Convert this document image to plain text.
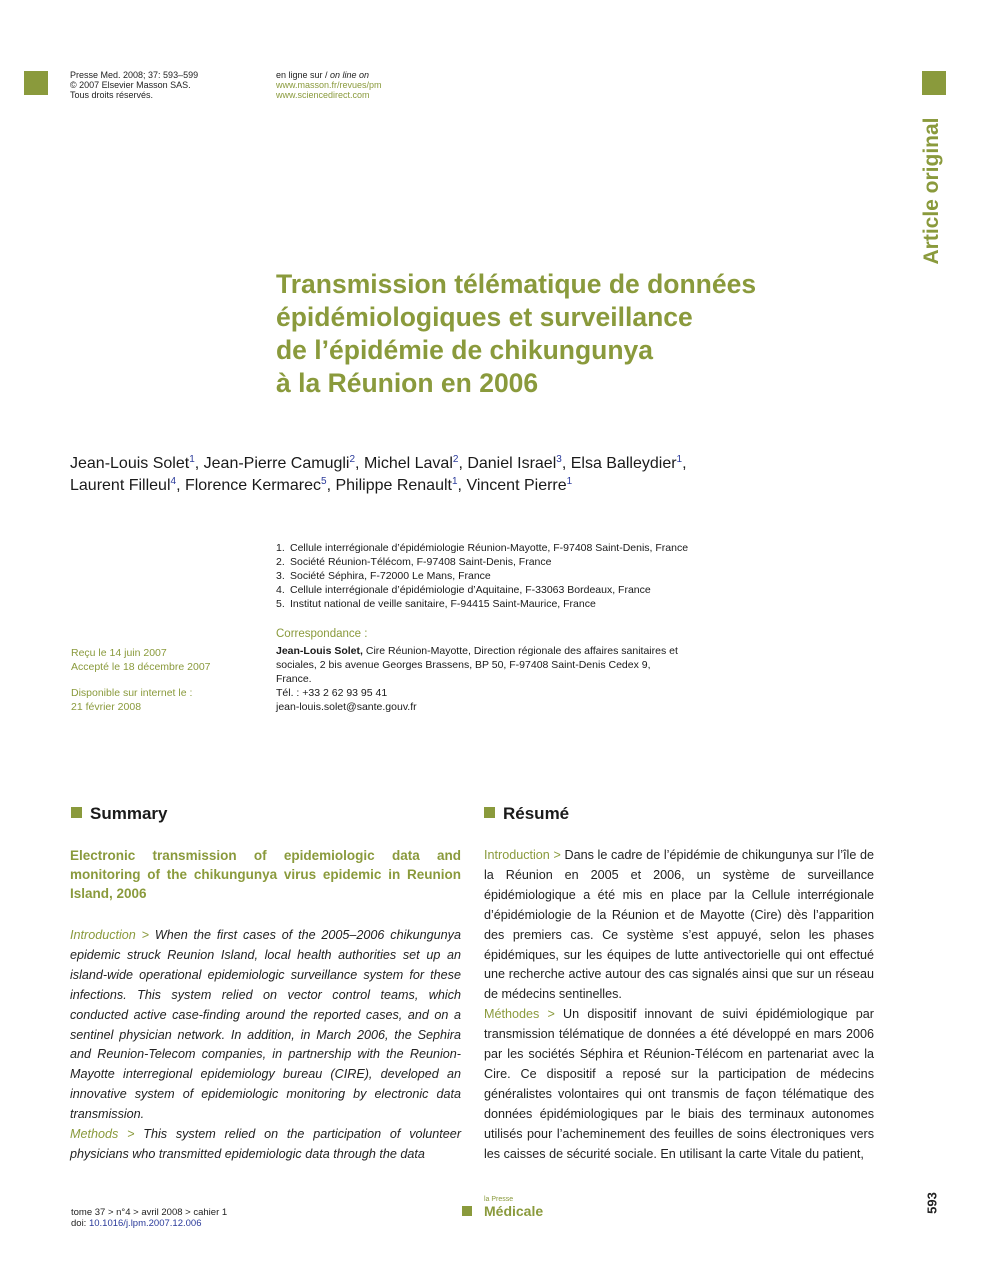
Presse Med. 2008; 37: 593–599
© 2007 Elsevier Masson SAS.
Tous droits réservés.
en ligne sur / on line on
www.masson.fr/revues/pm
www.sciencedirect.com
Article original
Transmission télématique de données
épidémiologiques et surveillance
de l’épidémie de chikungunya
à la Réunion en 2006
Jean-Louis Solet$^1$, Jean-Pierre Camugli$^2$, Michel Laval$^2$, Daniel Israel$^3$, Elsa Balleydier$^1$,
Laurent Filleul$^4$, Florence Kermarec$^5$, Philippe Renault$^1$, Vincent Pierre$^1$
1. Cellule interrégionale d’épidémiologie Réunion-Mayotte, F-97408 Saint-Denis, France
2. Société Réunion-Télécom, F-97408 Saint-Denis, France
3. Société Séphira, F-72000 Le Mans, France
4. Cellule interrégionale d’épidémiologie d’Aquitaine, F-33063 Bordeaux, France
5. Institut national de veille sanitaire, F-94415 Saint-Maurice, France
Reçu le 14 juin 2007
Accepté le 18 décembre 2007
Disponible sur internet le :
21 février 2008
Correspondance :
Jean-Louis Solet, Cire Réunion-Mayotte, Direction régionale des affaires sanitaires et
sociales, 2 bis avenue Georges Brassens, BP 50, F-97408 Saint-Denis Cedex 9,
France.
Tél. : +33 2 62 93 95 41
jean-louis.solet@sante.gouv.fr
Summary	Résumé
Electronic transmission of epidemiologic data and monitoring of the chikungunya virus epidemic in Reunion Island, 2006

Introduction > When the first cases of the 2005–2006 chikungunya epidemic struck Reunion Island, local health authorities set up an island-wide operational epidemiologic surveillance system for these infections. This system relied on vector control teams, which conducted active case-finding around the reported cases, and on a sentinel physician network. In addition, in March 2006, the Sephira and Reunion-Telecom companies, in partnership with the Reunion-Mayotte interregional epidemiology bureau (CIRE), developed an innovative system of epidemiologic monitoring by electronic data transmission.

Methods > This system relied on the participation of volunteer physicians who transmitted epidemiologic data through the data

Introduction > Dans le cadre de l’épidémie de chikungunya sur l’île de la Réunion en 2005 et 2006, un système de surveillance épidémiologique a été mis en place par la Cellule interrégionale d’épidémiologie de la Réunion et de Mayotte (Cire) dès l’apparition des premiers cas. Ce système s’est appuyé, selon les phases épidémiques, sur les équipes de lutte antivectorielle qui ont effectué une recherche active autour des cas signalés ainsi que sur un réseau de médecins sentinelles.

Méthodes > Un dispositif innovant de suivi épidémiologique par transmission télématique de données a été développé en mars 2006 par les sociétés Séphira et Réunion-Télécom en partenariat avec la Cire. Ce dispositif a reposé sur la participation de médecins généralistes volontaires qui ont transmis de façon télématique des données épidémiologiques par le biais des terminaux autonomes utilisés pour l’acheminement des feuilles de soins électroniques vers les caisses de sécurité sociale. En utilisant la carte Vitale du patient,

tome 37 > n°4 > avril 2008 > cahier 1
doi: 10.1016/j.lpm.2007.12.006
la Presse
Médicale	593
